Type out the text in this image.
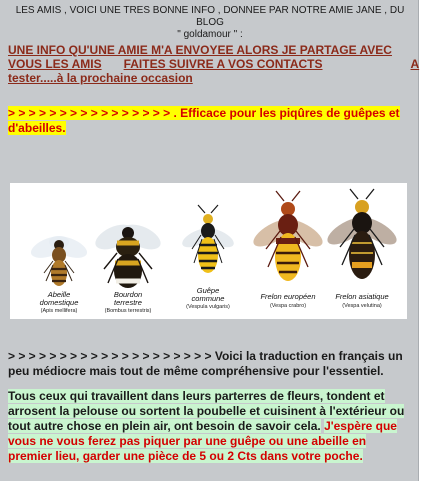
LES AMIS , VOICI UNE TRES BONNE INFO , DONNEE PAR NOTRE AMIE JANE , DU BLOG
" goldamour " :
UNE INFO QU'UNE AMIE M'A ENVOYEE ALORS JE PARTAGE AVEC
VOUS LES AMIS FAITES SUIVRE A VOS CONTACTS	A
tester.....à la prochaine occasion
> > > > > > > > > > > > > > > > . Efficace pour les piqûres de guêpes et d'abeilles.
Abeille
domestique
(Apis mellifera)
Bourdon
terrestre
(Bombus terrestris)
Guêpe
commune
(Vespula vulgaris)
Frelon européen
(Vespa crabro)
Frelon asiatique
(Vespa velutina)
> > > > > > > > > > > > > > > > > > > > Voici la traduction en français un peu médiocre mais tout de même compréhensive pour l'essentiel.
Tous ceux qui travaillent dans leurs parterres de fleurs, tondent et arrosent la pelouse ou sortent la poubelle et cuisinent à l'extérieur ou tout autre chose en plein air, ont besoin de savoir cela. J'espère que vous ne vous ferez pas piquer par une guêpe ou une abeille en premier lieu, garder une pièce de 5 ou 2 Cts dans votre poche.
